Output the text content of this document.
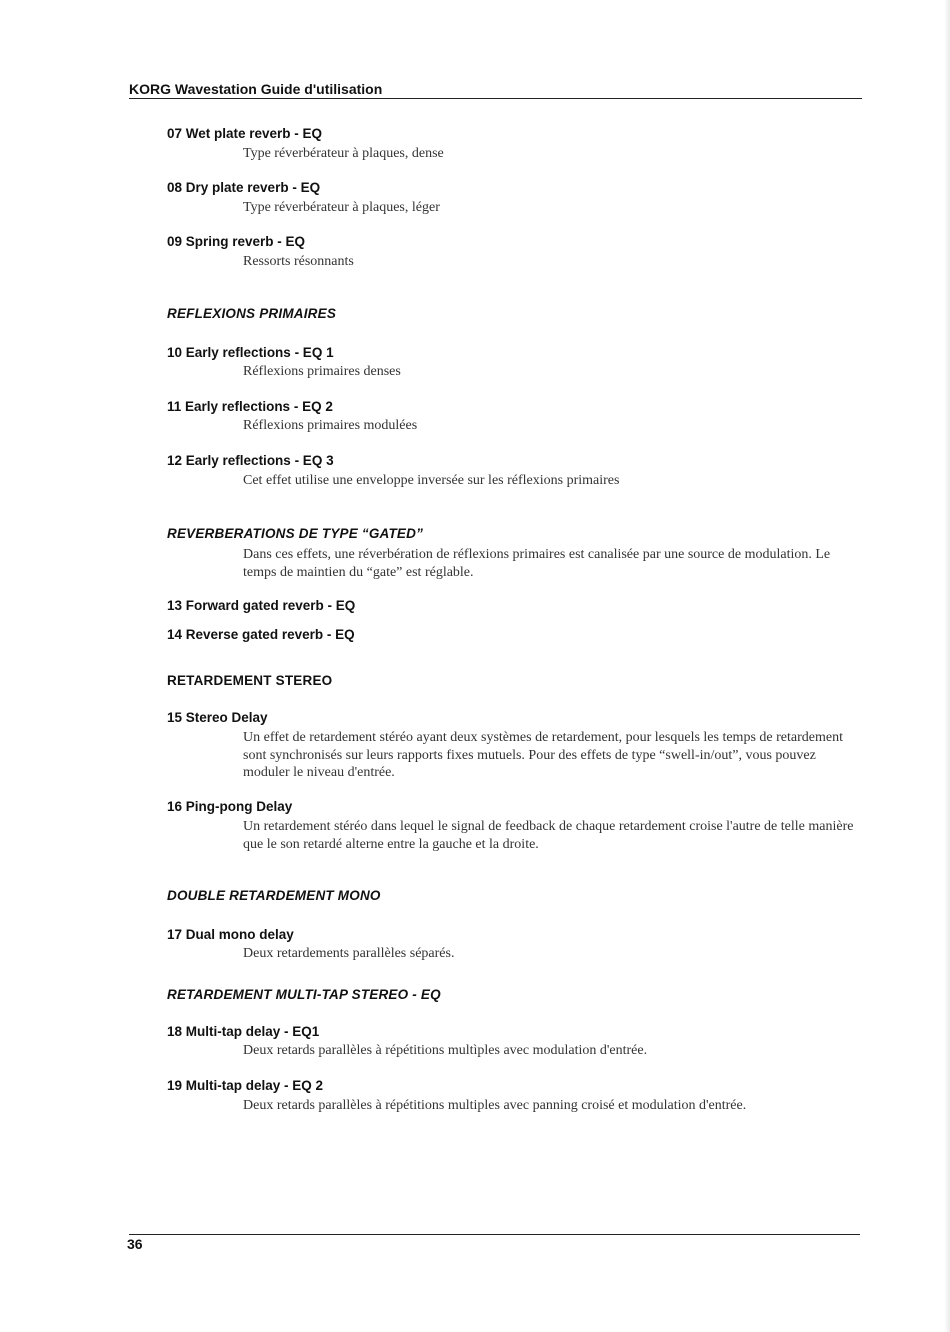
KORG Wavestation Guide d'utilisation
07 Wet plate reverb - EQ
Type réverbérateur à plaques, dense
08 Dry plate reverb - EQ
Type réverbérateur à plaques, léger
09 Spring reverb - EQ
Ressorts résonnants
REFLEXIONS PRIMAIRES
10 Early reflections - EQ 1
Réflexions primaires denses
11 Early reflections - EQ 2
Réflexions primaires modulées
12 Early reflections - EQ 3
Cet effet utilise une enveloppe inversée sur les réflexions primaires
REVERBERATIONS DE TYPE “GATED”
Dans ces effets, une réverbération de réflexions primaires est canalisée par une source de modulation. Le temps de maintien du “gate” est réglable.
13 Forward gated reverb - EQ
14 Reverse gated reverb - EQ
RETARDEMENT STEREO
15 Stereo Delay
Un effet de retardement stéréo ayant deux systèmes de retardement, pour lesquels les temps de retardement sont synchronisés sur leurs rapports fixes mutuels. Pour des effets de type “swell-in/out”, vous pouvez moduler le niveau d'entrée.
16 Ping-pong Delay
Un retardement stéréo dans lequel le signal de feedback de chaque retardement croise l'autre de telle manière que le son retardé alterne entre la gauche et la droite.
DOUBLE RETARDEMENT MONO
17 Dual mono delay
Deux retardements parallèles séparés.
RETARDEMENT MULTI-TAP STEREO - EQ
18 Multi-tap delay - EQ1
Deux retards parallèles à répétitions multìples avec modulation d'entrée.
19 Multi-tap delay - EQ 2
Deux retards parallèles à répétitions multiples avec panning croisé et modulation d'entrée.
36
